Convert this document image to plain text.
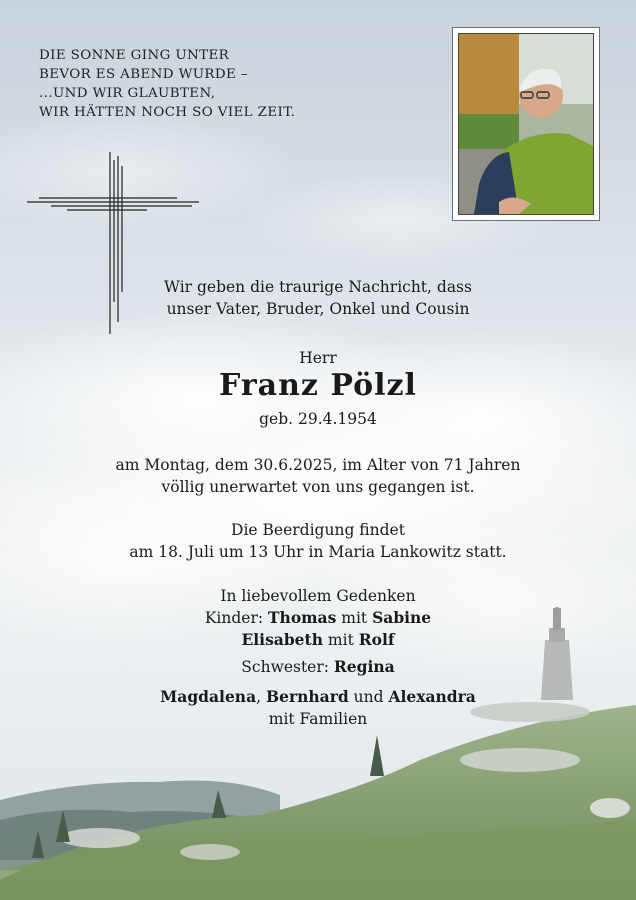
DIE SONNE GING UNTER
BEVOR ES ABEND WURDE –
...UND WIR GLAUBTEN,
WIR HÄTTEN NOCH SO VIEL ZEIT.
Wir geben die traurige Nachricht, dass
unser Vater, Bruder, Onkel und Cousin
Herr
Franz Pölzl
geb. 29.4.1954
am Montag, dem 30.6.2025, im Alter von 71 Jahren
völlig unerwartet von uns gegangen ist.
Die Beerdigung findet
am 18. Juli um 13 Uhr in Maria Lankowitz statt.
In liebevollem Gedenken
Kinder: Thomas mit Sabine
Elisabeth mit Rolf
Schwester: Regina
Magdalena, Bernhard und Alexandra
mit Familien
